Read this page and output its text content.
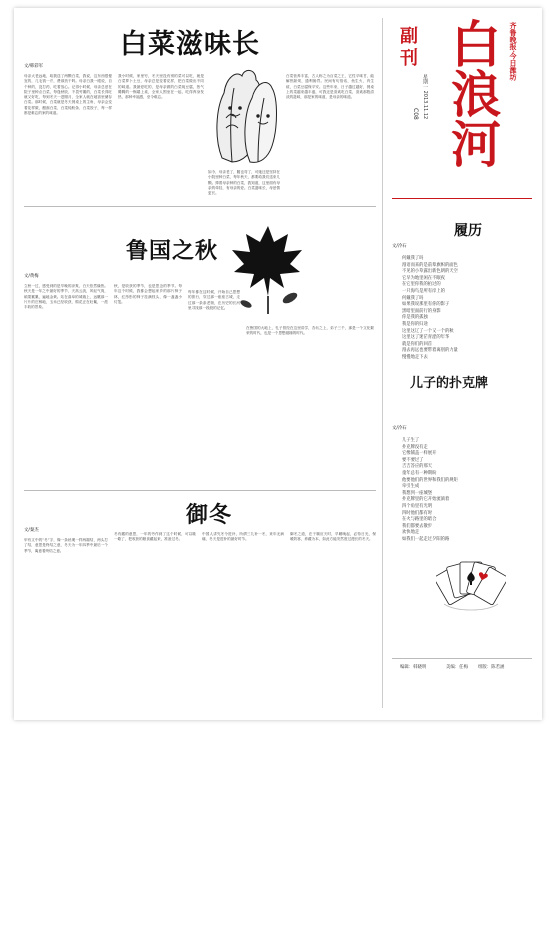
白菜滋味长
文/韩彩军
母亲大老远地，给我送了两颗白菜，我说，这东西很便宜的，几毛钱一斤，费那劲干吗。母亲白我一眼说，自个种的，没打药，吃着放心。记得小时候，母亲总爱在院子里种点白菜，每逢秋收，不畏劳累的，白菜长得旺就又好吃，每到冬天一进腊月，全家人就在地窖里储存白菜。那时候，白菜就是冬天餐桌上的主角，母亲会变着花样做，醋溜白菜、白菜炖粉条、白菜饺子，每一样都是难忘的家的味道。
我小时候，家里穷，冬天里没有别的菜可以吃，就是白菜萝卜土豆，母亲总是变着花样，把白菜做出不同的味道。我最爱吃的，是母亲做的白菜炖豆腐，热气腾腾的一锅端上桌，全家人围坐在一起，吃得浑身发热，那种幸福感，至今难忘。
白菜营养丰富，古人称之为百菜之王，它性平味甘，能解热除烦，通利肠胃。民间有句俗话，鱼生火，肉生痰，白菜豆腐保平安。这些年来，日子越过越好，餐桌上的菜越来越丰盛，可我还是喜欢吃白菜，喜欢那股清淡的滋味，那是家的味道，是母亲的味道。
如今，母亲老了，腰也弯了，可她还是坚持在小院里种白菜，每年秋天，都要给我们送来几颗。捧着母亲种的白菜，我知道，这里面有母亲的牵挂，有母亲的爱。白菜滋味长，母爱情更长。
鲁国之秋
文/黄梅
立秋一过，感受到的是早晚的凉爽，白天依然燥热。秋天是一年之中最好的季节，天高云淡，风轻气爽，硕果累累，遍地金黄。站在曲阜的城墙上，远眺那一片片的庄稼地，玉米已经收获，棉花正在吐絮，一派丰收的景象。
秋，是收获的季节，也是思念的季节。每年这个时候，我都会想起家乡的那片柿子林，红彤彤的柿子挂满枝头，像一盏盏小灯笼。
每年都在这时候，开始自己思想的旅行，穿过那一座座古城，走过那一条条老街，在历史的长河里寻找那一段段的记忆。
在鲁国的大地上，孔子曾经在这里讲学，杏坛之上，弟子三千，那是一个文化繁荣的时代，也是一个思想碰撞的时代。
御冬
文/秦杰
甲有文中的“冬”字，像一条丝绳一样两端结，两头打了结，意思是终结之意，冬天为一年四季中最后一个季节，寓意着终结之意。
冬有藏的意思，一年的劳作到了这个时候，可以歇一歇了，把收获的粮食藏起来，准备过冬。
中国人讲究冬令进补，所谓三九补一冬，来年无病痛，冬天是进补的最好时节。
御冬之道，在于顺应天时，早睡晚起，必待日光，保暖防寒，养藏为本，如此方能安然度过漫长的冬天。
白浪河 齐鲁晚报·今日潍坊
副刊
星期一 2013.11.12
C08
文/冷石
履历
何戴我了吗
漫语而来的是前辈旗帜的面色
不见的小草露出新色朗的天空
它早为地里闲在不眠夜
在它里你我的拍过的
一只海鸟是所有岸上的
何戴我了吗
如果我说那里有你的影子
黑暗里面前行的身影
你是我的孤独
我是你的归途
这里这辽了一个又一个的秋
这里这了迷茫青涩的年华
就是你们的回首
漫去再远也要带着离别的力量
慢慢地走下去
儿子的扑克牌
文/冷石
儿子生了
扑克牌没有走
它像铺盖一样展开
要不要过了
吉吉答应的那天
童年总有一种期盼
他要他们的世界和我们的规矩
牵引生成
我想到一座城堡
扑克牌里的它开始流淌着
四个角里有光明
四时他们都有时
在火与路里的暗合
我们都要去散步
欢快地走
如我们一起走过夕阳的路
编辑：韩晓明	美编：任梅 组版：陈若涵
